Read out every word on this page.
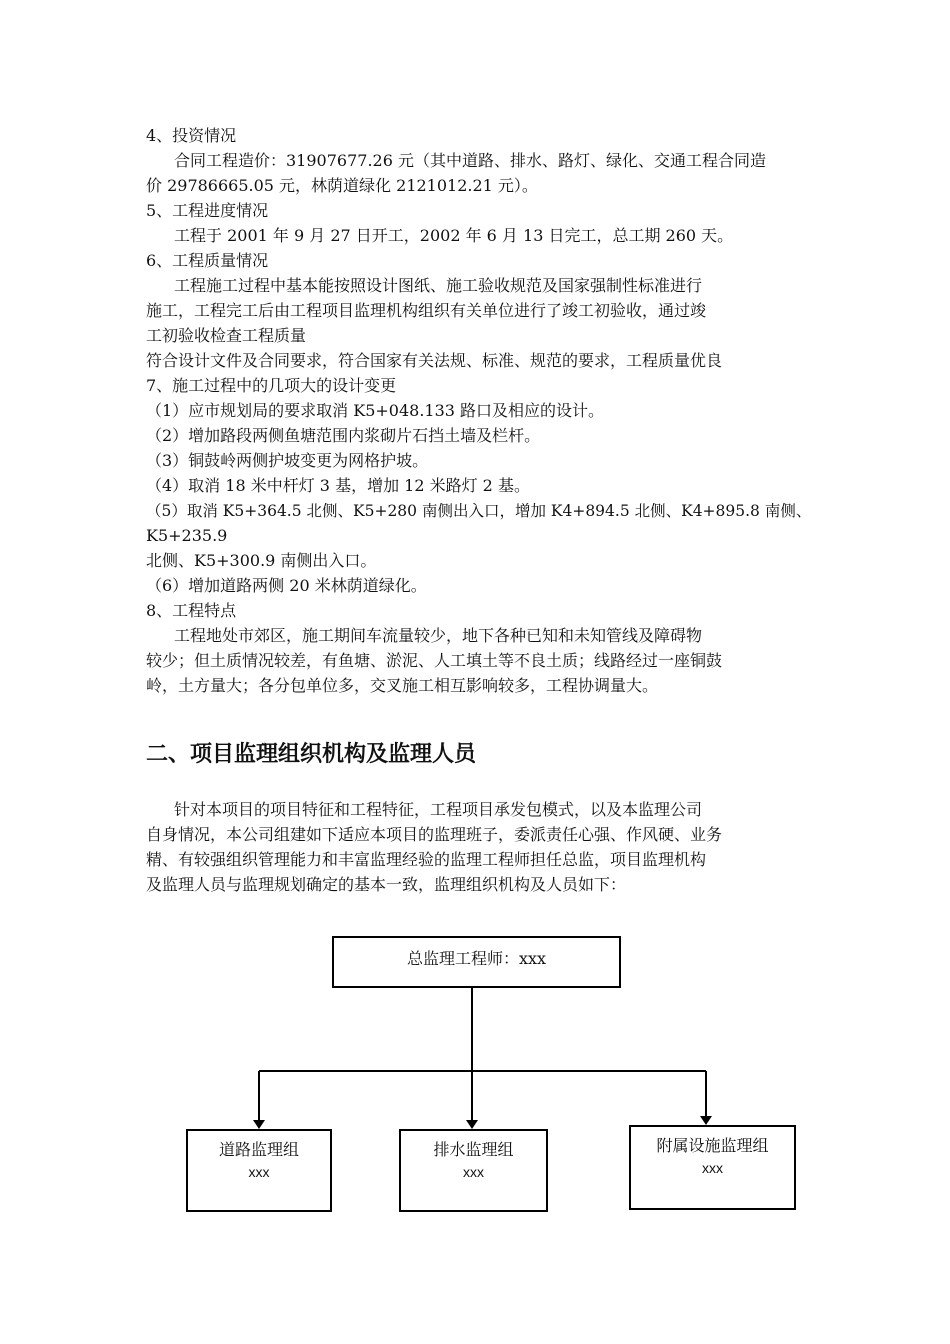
4、投资情况
合同工程造价：31907677.26 元（其中道路、排水、路灯、绿化、交通工程合同造
价 29786665.05 元，林荫道绿化 2121012.21 元）。
5、工程进度情况
工程于 2001 年 9 月 27 日开工，2002 年 6 月 13 日完工，总工期 260 天。
6、工程质量情况
工程施工过程中基本能按照设计图纸、施工验收规范及国家强制性标准进行
施工，工程完工后由工程项目监理机构组织有关单位进行了竣工初验收，通过竣
工初验收检查工程质量
符合设计文件及合同要求，符合国家有关法规、标准、规范的要求，工程质量优良
7、施工过程中的几项大的设计变更
（1）应市规划局的要求取消 K5+048.133 路口及相应的设计。
（2）增加路段两侧鱼塘范围内浆砌片石挡土墙及栏杆。
（3）铜鼓岭两侧护坡变更为网格护坡。
（4）取消 18 米中杆灯 3 基，增加 12 米路灯 2 基。
（5）取消 K5+364.5 北侧、K5+280 南侧出入口，增加 K4+894.5 北侧、K4+895.8 南侧、
K5+235.9
北侧、K5+300.9 南侧出入口。
（6）增加道路两侧 20 米林荫道绿化。
8、工程特点
工程地处市郊区，施工期间车流量较少，地下各种已知和未知管线及障碍物
较少；但土质情况较差，有鱼塘、淤泥、人工填土等不良土质；线路经过一座铜鼓
岭，土方量大；各分包单位多，交叉施工相互影响较多，工程协调量大。
二、项目监理组织机构及监理人员
针对本项目的项目特征和工程特征，工程项目承发包模式，以及本监理公司
自身情况，本公司组建如下适应本项目的监理班子，委派责任心强、作风硬、业务
精、有较强组织管理能力和丰富监理经验的监理工程师担任总监，项目监理机构
及监理人员与监理规划确定的基本一致，监理组织机构及人员如下：
总监理工程师：xxx
道路监理组
xxx
排水监理组
xxx
附属设施监理组
xxx
